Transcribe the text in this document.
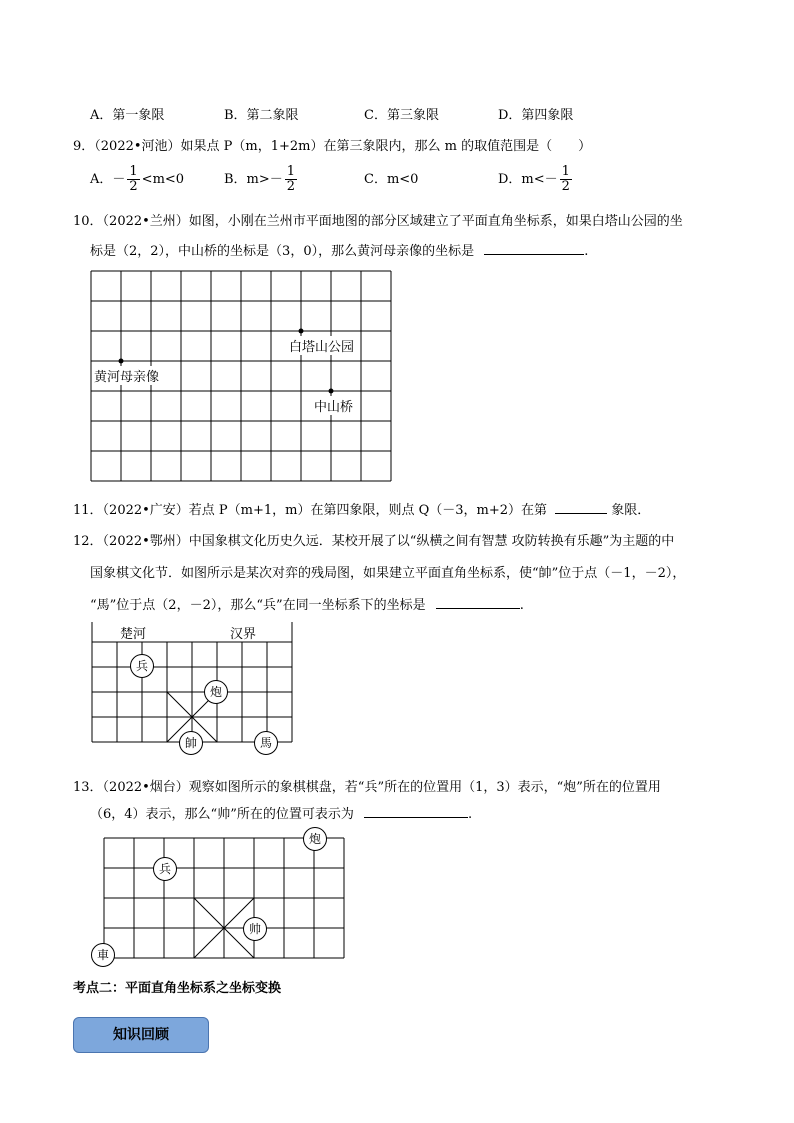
A．第一象限	B．第二象限	C．第三象限	D．第四象限
9．（2022•河池）如果点 P（m，1+2m）在第三象限内，那么 m 的取值范围是（　　）
A．－ $\frac{1}{2} <m<0$	B．$m>- \frac{1}{2}$	C．m<0	D．$m<- \frac{1}{2}$
10．（2022•兰州）如图，小刚在兰州市平面地图的部分区域建立了平面直角坐标系，如果白塔山公园的坐
标是（2，2），中山桥的坐标是（3，0），那么黄河母亲像的坐标是	.
白塔山公园
黄河母亲像
中山桥
11．（2022•广安）若点 P（m+1，m）在第四象限，则点 Q（－3，m+2）在第	象限．
12．（2022•鄂州）中国象棋文化历史久远．某校开展了以“纵横之间有智慧 攻防转换有乐趣”为主题的中
国象棋文化节．如图所示是某次对弈的残局图，如果建立平面直角坐标系，使“帥”位于点（－1，－2），
“馬”位于点（2，－2），那么“兵”在同一坐标系下的坐标是	.
楚河	汉界
兵
炮
帥	馬
13．（2022•烟台）观察如图所示的象棋棋盘，若“兵”所在的位置用（1，3）表示，“炮”所在的位置用
（6，4）表示，那么“帅”所在的位置可表示为	.
炮
兵
帅
車
考点二：平面直角坐标系之坐标变换
知识回顾
